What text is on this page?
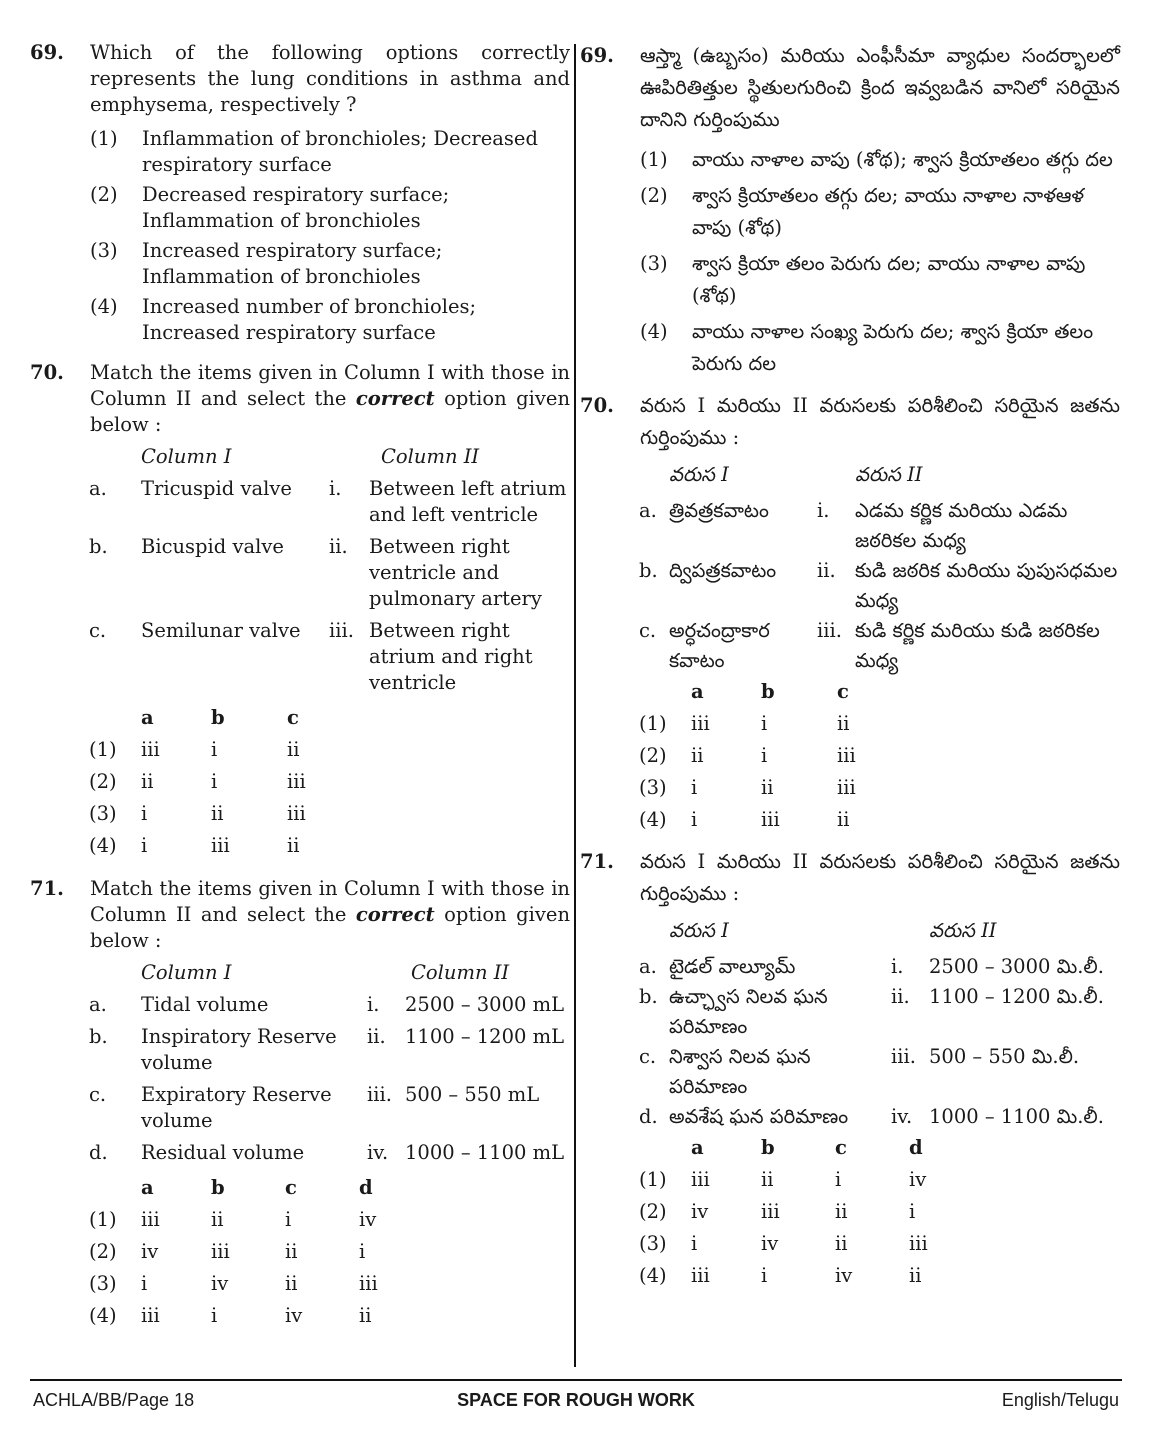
69. Which of the following options correctly represents the lung conditions in asthma and emphysema, respectively ?
(1) Inflammation of bronchioles; Decreased respiratory surface
(2) Decreased respiratory surface; Inflammation of bronchioles
(3) Increased respiratory surface; Inflammation of bronchioles
(4) Increased number of bronchioles; Increased respiratory surface
70. Match the items given in Column I with those in Column II and select the correct option given below :
	Column I		Column II
a.	Tricuspid valve	i.	Between left atrium and left ventricle
b.	Bicuspid valve	ii.	Between right ventricle and pulmonary artery
c.	Semilunar valve	iii.	Between right atrium and right ventricle
	a	b	c
(1)	iii	i	ii
(2)	ii	i	iii
(3)	i	ii	iii
(4)	i	iii	ii
71. Match the items given in Column I with those in Column II and select the correct option given below :
	Column I		Column II
a.	Tidal volume	i.	2500 – 3000 mL
b.	Inspiratory Reserve volume	ii.	1100 – 1200 mL
c.	Expiratory Reserve volume	iii.	500 – 550 mL
d.	Residual volume	iv.	1000 – 1100 mL
	a	b	c	d
(1)	iii	ii	i	iv
(2)	iv	iii	ii	i
(3)	i	iv	ii	iii
(4)	iii	i	iv	ii
69. ఆస్త్మా (ఉబ్బసం) మరియు ఎంఫీసీమా వ్యాధుల సందర్భాలలో ఊపిరితిత్తుల స్థితులగురించి క్రింద ఇవ్వబడిన వానిలో సరియైన దానిని గుర్తింపుము
(1) వాయు నాళాల వాపు (శోథ); శ్వాస క్రియాతలం తగ్గు దల
(2) శ్వాస క్రియాతలం తగ్గు దల; వాయు నాళాల నాళఆళ వాపు (శోథ)
(3) శ్వాస క్రియా తలం పెరుగు దల; వాయు నాళాల వాపు (శోథ)
(4) వాయు నాళాల సంఖ్య పెరుగు దల; శ్వాస క్రియా తలం పెరుగు దల
70. వరుస I మరియు II వరుసలకు పరిశీలించి సరియైన జతను గుర్తింపుము :
	వరుస I		వరుస II
a.	త్రివత్రకవాటం	i.	ఎడమ కర్ణిక మరియు ఎడమ జఠరికల మధ్య
b.	ద్విపత్రకవాటం	ii.	కుడి జఠరిక మరియు పుపుసధమల మధ్య
c.	అర్ధచంద్రాకార కవాటం	iii.	కుడి కర్ణిక మరియు కుడి జఠరికల మధ్య
	a	b	c
(1)	iii	i	ii
(2)	ii	i	iii
(3)	i	ii	iii
(4)	i	iii	ii
71. వరుస I మరియు II వరుసలకు పరిశీలించి సరియైన జతను గుర్తింపుము :
	వరుస I		వరుస II
a.	టైడల్ వాల్యూమ్	i.	2500 – 3000 మి.లీ.
b.	ఉచ్ఛ్వాస నిలవ ఘన పరిమాణం	ii.	1100 – 1200 మి.లీ.
c.	నిశ్వాస నిలవ ఘన పరిమాణం	iii.	500 – 550 మి.లీ.
d.	అవశేష ఘన పరిమాణం	iv.	1000 – 1100 మి.లీ.
	a	b	c	d
(1)	iii	ii	i	iv
(2)	iv	iii	ii	i
(3)	i	iv	ii	iii
(4)	iii	i	iv	ii
SPACE FOR ROUGH WORK
ACHLA/BB/Page 18	English/Telugu
